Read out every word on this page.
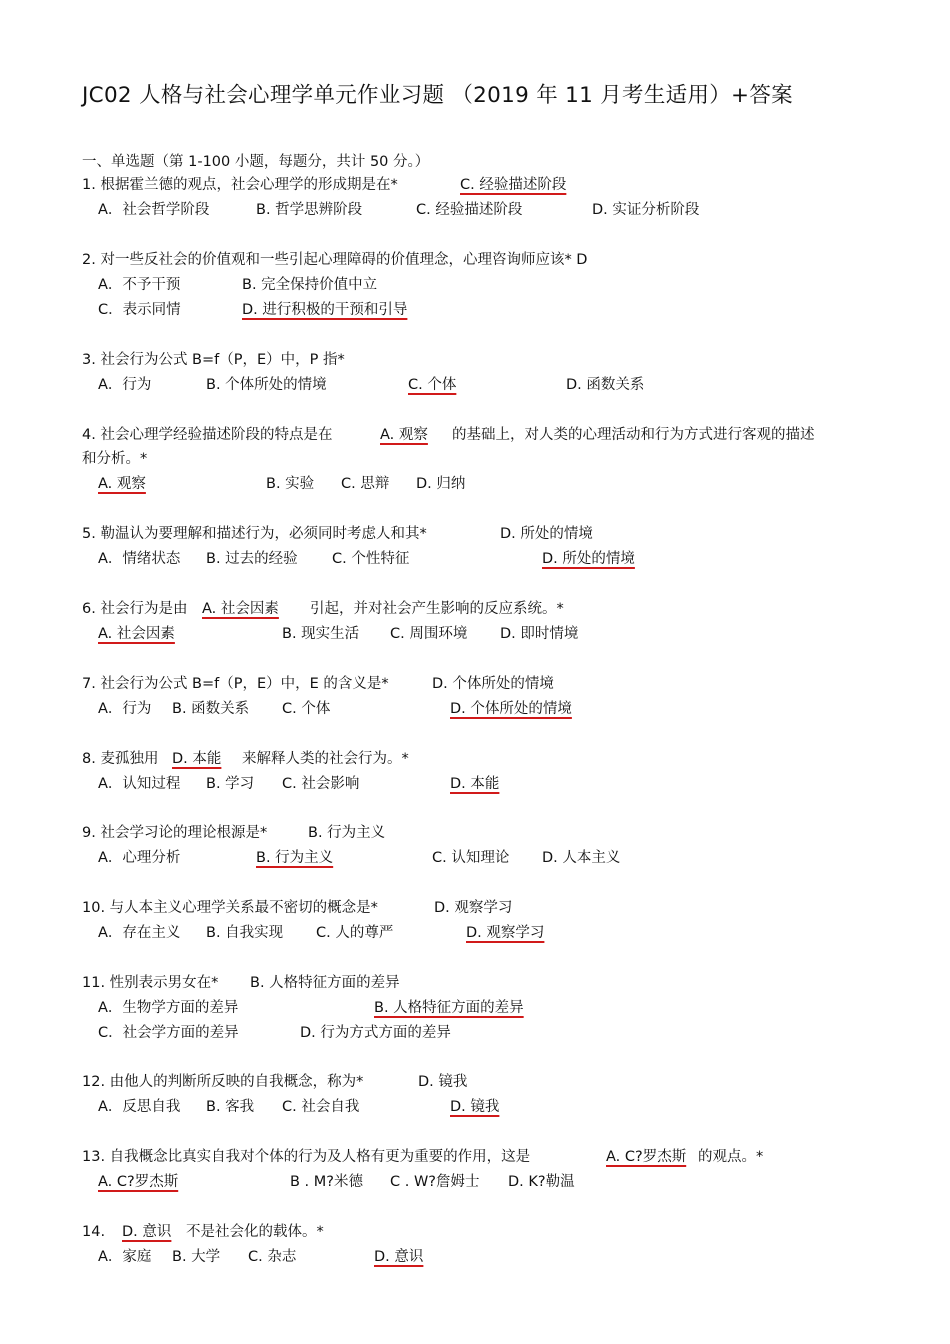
JC02 人格与社会心理学单元作业习题 （2019 年 11 月考生适用）+答案
一、单选题（第 1-100 小题，每题分，共计 50 分。）
1. 根据霍兰德的观点，社会心理学的形成期是在*	C. 经验描述阶段
A．社会哲学阶段	B. 哲学思辨阶段	C. 经验描述阶段	D. 实证分析阶段
2. 对一些反社会的价值观和一些引起心理障碍的价值理念，心理咨询师应该* D
A．不予干预	B. 完全保持价值中立
C．表示同情	D. 进行积极的干预和引导
3. 社会行为公式 B=f（P，E）中，P 指*
A．行为	B. 个体所处的情境	C. 个体	D. 函数关系
4. 社会心理学经验描述阶段的特点是在	A. 观察 的基础上，对人类的心理活动和行为方式进行客观的描述
和分析。*
A. 观察	B. 实验 C. 思辩 D. 归纳
5. 勒温认为要理解和描述行为，必须同时考虑人和其*	D. 所处的情境
A．情绪状态 B. 过去的经验 C. 个性特征	D. 所处的情境
6. 社会行为是由 A. 社会因素 引起，并对社会产生影响的反应系统。*
A. 社会因素	B. 现实生活 C. 周围环境 D. 即时情境
7. 社会行为公式 B=f（P，E）中，E 的含义是*	D. 个体所处的情境
A．行为 B. 函数关系 C. 个体	D. 个体所处的情境
8. 麦孤独用 D. 本能 来解释人类的社会行为。*
A．认知过程 B. 学习 C. 社会影响	D. 本能
9. 社会学习论的理论根源是*	B. 行为主义
A．心理分析	B. 行为主义	C. 认知理论 D. 人本主义
10. 与人本主义心理学关系最不密切的概念是*	D. 观察学习
A．存在主义 B. 自我实现 C. 人的尊严	D. 观察学习
11. 性别表示男女在* B. 人格特征方面的差异
A．生物学方面的差异	B. 人格特征方面的差异
C．社会学方面的差异	D. 行为方式方面的差异
12. 由他人的判断所反映的自我概念，称为*	D. 镜我
A．反思自我 B. 客我 C. 社会自我	D. 镜我
13. 自我概念比真实自我对个体的行为及人格有更为重要的作用，这是	A. C?罗杰斯 的观点。*
A. C?罗杰斯	B . M?米德 C . W?詹姆士 D. K?勒温
14. D. 意识 不是社会化的载体。*
A．家庭 B. 大学 C. 杂志	D. 意识
